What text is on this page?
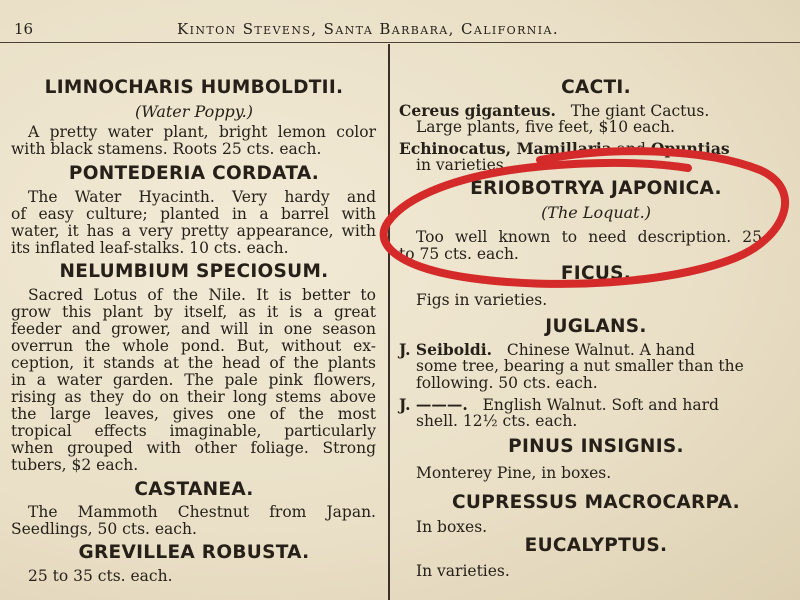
16	Kinton Stevens, Santa Barbara, California.

LIMNOCHARIS HUMBOLDTII.

(Water Poppy.)

A pretty water plant, bright lemon color

with black stamens. Roots 25 cts. each.

PONTEDERIA CORDATA.

The Water Hyacinth. Very hardy and

of easy culture; planted in a barrel with

water, it has a very pretty appearance, with

its inflated leaf-stalks. 10 cts. each.

NELUMBIUM SPECIOSUM.

Sacred Lotus of the Nile. It is better to

grow this plant by itself, as it is a great

feeder and grower, and will in one season

overrun the whole pond. But, without ex-

ception, it stands at the head of the plants

in a water garden. The pale pink flowers,

rising as they do on their long stems above

the large leaves, gives one of the most

tropical effects imaginable, particularly

when grouped with other foliage. Strong

tubers, $2 each.

CASTANEA.

The Mammoth Chestnut from Japan.

Seedlings, 50 cts. each.

GREVILLEA ROBUSTA.

25 to 35 cts. each.

CACTI.

Cereus giganteus. The giant Cactus.

Large plants, five feet, $10 each.

Echinocatus, Mamillaria and Opuntias

in varieties.

ERIOBOTRYA JAPONICA.

(The Loquat.)

Too well known to need description. 25

to 75 cts. each.

FICUS.

Figs in varieties.

JUGLANS.

J. Seiboldi. Chinese Walnut. A hand

some tree, bearing a nut smaller than the

following. 50 cts. each.

J. ———. English Walnut. Soft and hard

shell. 12½ cts. each.

PINUS INSIGNIS.

Monterey Pine, in boxes.

CUPRESSUS MACROCARPA.

In boxes.

EUCALYPTUS.

In varieties.
